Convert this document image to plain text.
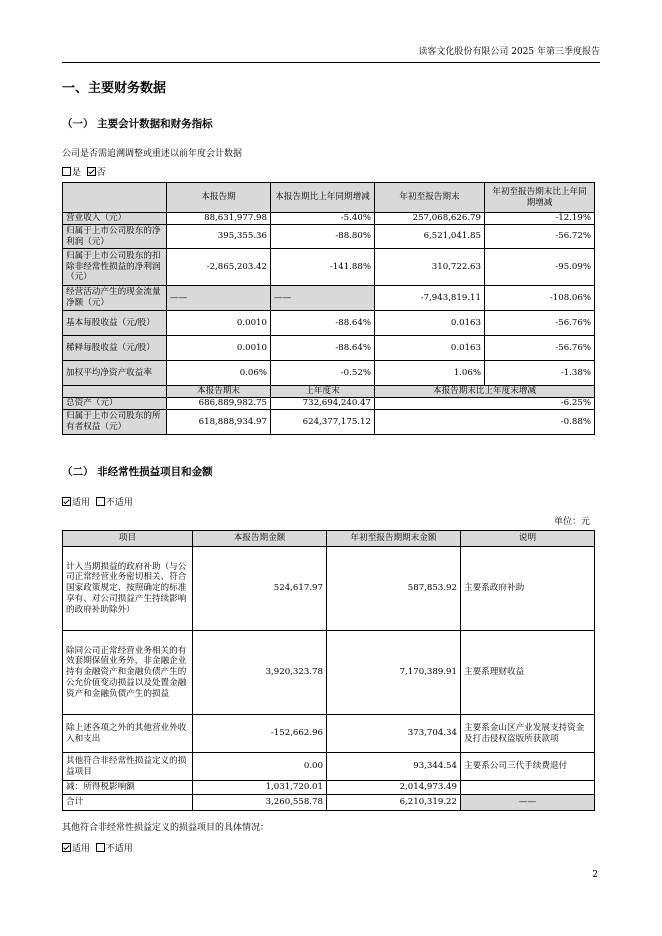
读客文化股份有限公司 2025 年第三季度报告
一、主要财务数据
（一） 主要会计数据和财务指标
公司是否需追溯调整或重述以前年度会计数据
是 否
	本报告期	本报告期比上年同期增减	年初至报告期末	年初至报告期末比上年同期增减
营业收入（元）	88,631,977.98	-5.40%	257,068,626.79	-12.19%
归属于上市公司股东的净利润（元）	395,355.36	-88.80%	6,521,041.85	-56.72%
归属于上市公司股东的扣除非经常性损益的净利润（元）	-2,865,203.42	-141.88%	310,722.63	-95.09%
经营活动产生的现金流量净额（元）	——	——	-7,943,819.11	-108.06%
基本每股收益（元/股）	0.0010	-88.64%	0.0163	-56.76%
稀释每股收益（元/股）	0.0010	-88.64%	0.0163	-56.76%
加权平均净资产收益率	0.06%	-0.52%	1.06%	-1.38%
	本报告期末	上年度末	本报告期末比上年度末增减	
总资产（元）	686,889,982.75	732,694,240.47	-6.25%	
归属于上市公司股东的所有者权益（元）	618,888,934.97	624,377,175.12	-0.88%	
（二） 非经常性损益项目和金额
适用 不适用
单位：元
项目	本报告期金额	年初至报告期期末金额	说明
计入当期损益的政府补助（与公司正常经营业务密切相关、符合国家政策规定、按照确定的标准享有、对公司损益产生持续影响的政府补助除外）	524,617.97	587,853.92	主要系政府补助
除同公司正常经营业务相关的有效套期保值业务外，非金融企业持有金融资产和金融负债产生的公允价值变动损益以及处置金融资产和金融负债产生的损益	3,920,323.78	7,170,389.91	主要系理财收益
除上述各项之外的其他营业外收入和支出	-152,662.96	373,704.34	主要系金山区产业发展支持资金及打击侵权盗版所获款项
其他符合非经常性损益定义的损益项目	0.00	93,344.54	主要系公司三代手续费退付
减：所得税影响额	1,031,720.01	2,014,973.49	
合计	3,260,558.78	6,210,319.22	——
其他符合非经常性损益定义的损益项目的具体情况：
适用 不适用
2
